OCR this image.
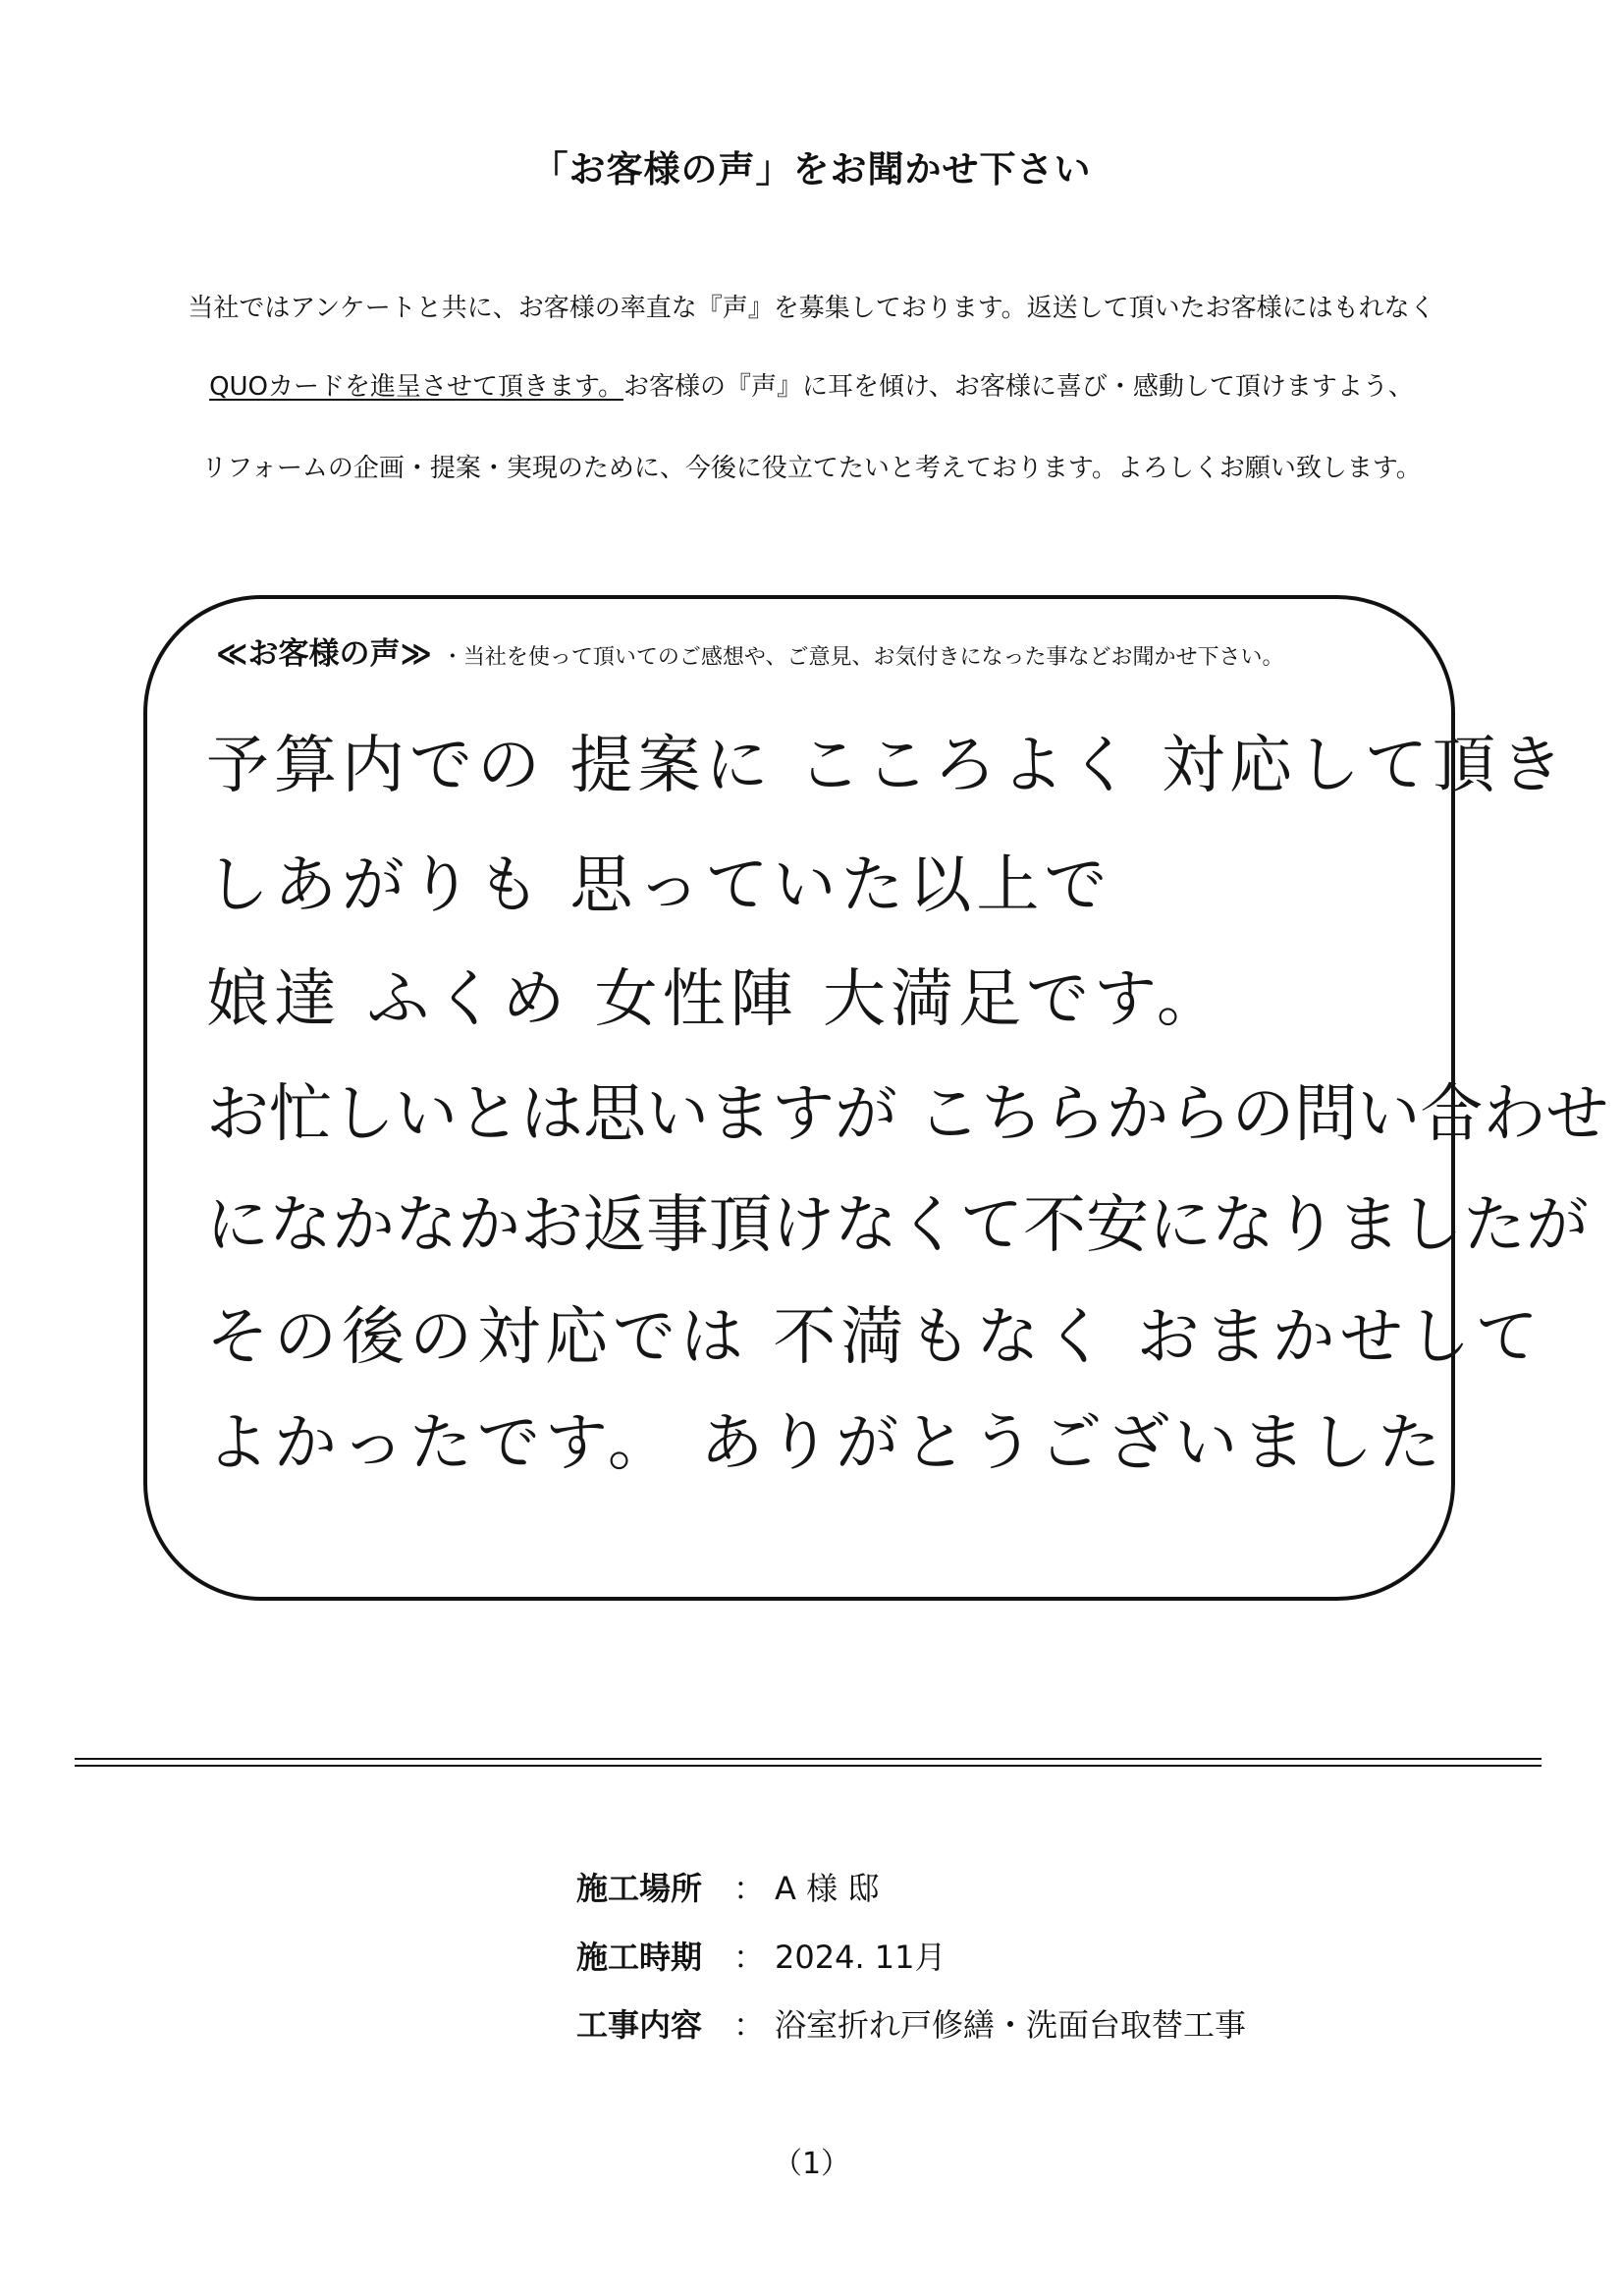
「お客様の声」をお聞かせ下さい
当社ではアンケートと共に、お客様の率直な『声』を募集しております。返送して頂いたお客様にはもれなく
QUOカードを進呈させて頂きます。お客様の『声』に耳を傾け、お客様に喜び・感動して頂けますよう、
リフォームの企画・提案・実現のために、今後に役立てたいと考えております。よろしくお願い致します。
≪お客様の声≫ ・当社を使って頂いてのご感想や、ご意見、お気付きになった事などお聞かせ下さい。
予算内での 提案に こころよく 対応して頂き
しあがりも 思っていた以上で
娘達 ふくめ 女性陣 大満足です。
お忙しいとは思いますが こちらからの問い合わせ
になかなかお返事頂けなくて不安になりましたが
その後の対応では 不満もなく おまかせして
よかったです。 ありがとうございました
施工場所 ： A 様 邸
施工時期 ： 2024. 11月
工事内容 ： 浴室折れ戸修繕・洗面台取替工事
（1）
